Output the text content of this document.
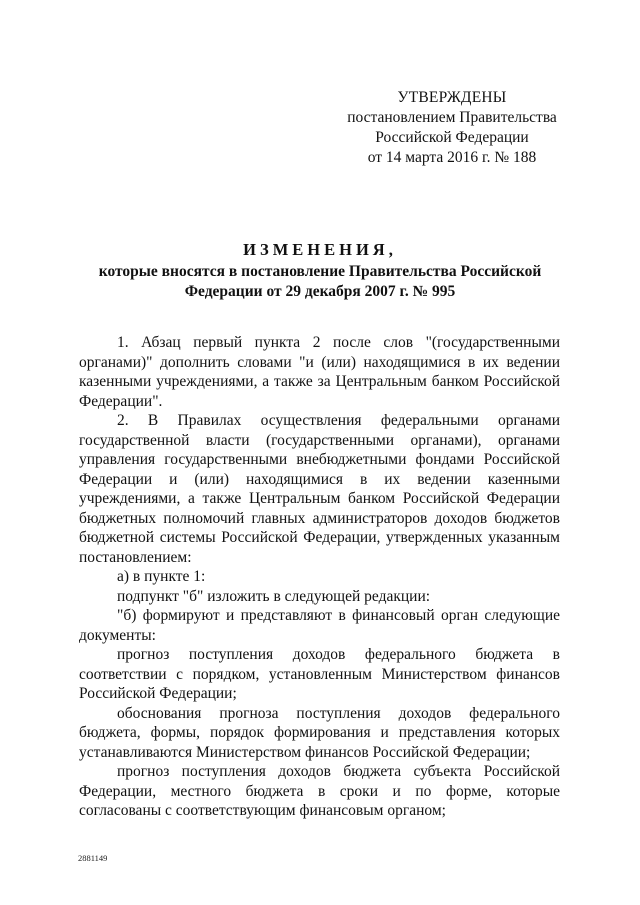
УТВЕРЖДЕНЫ
постановлением Правительства
Российской Федерации
от 14 марта 2016 г. № 188
ИЗМЕНЕНИЯ,
которые вносятся в постановление Правительства Российской Федерации от 29 декабря 2007 г. № 995

1. Абзац первый пункта 2 после слов "(государственными органами)" дополнить словами "и (или) находящимися в их ведении казенными учреждениями, а также за Центральным банком Российской Федерации".

2. В Правилах осуществления федеральными органами государственной власти (государственными органами), органами управления государственными внебюджетными фондами Российской Федерации и (или) находящимися в их ведении казенными учреждениями, а также Центральным банком Российской Федерации бюджетных полномочий главных администраторов доходов бюджетов бюджетной системы Российской Федерации, утвержденных указанным постановлением:

а) в пункте 1:

подпункт "б" изложить в следующей редакции:

"б) формируют и представляют в финансовый орган следующие документы:

прогноз поступления доходов федерального бюджета в соответствии с порядком, установленным Министерством финансов Российской Федерации;

обоснования прогноза поступления доходов федерального бюджета, формы, порядок формирования и представления которых устанавливаются Министерством финансов Российской Федерации;

прогноз поступления доходов бюджета субъекта Российской Федерации, местного бюджета в сроки и по форме, которые согласованы с соответствующим финансовым органом;

2881149
